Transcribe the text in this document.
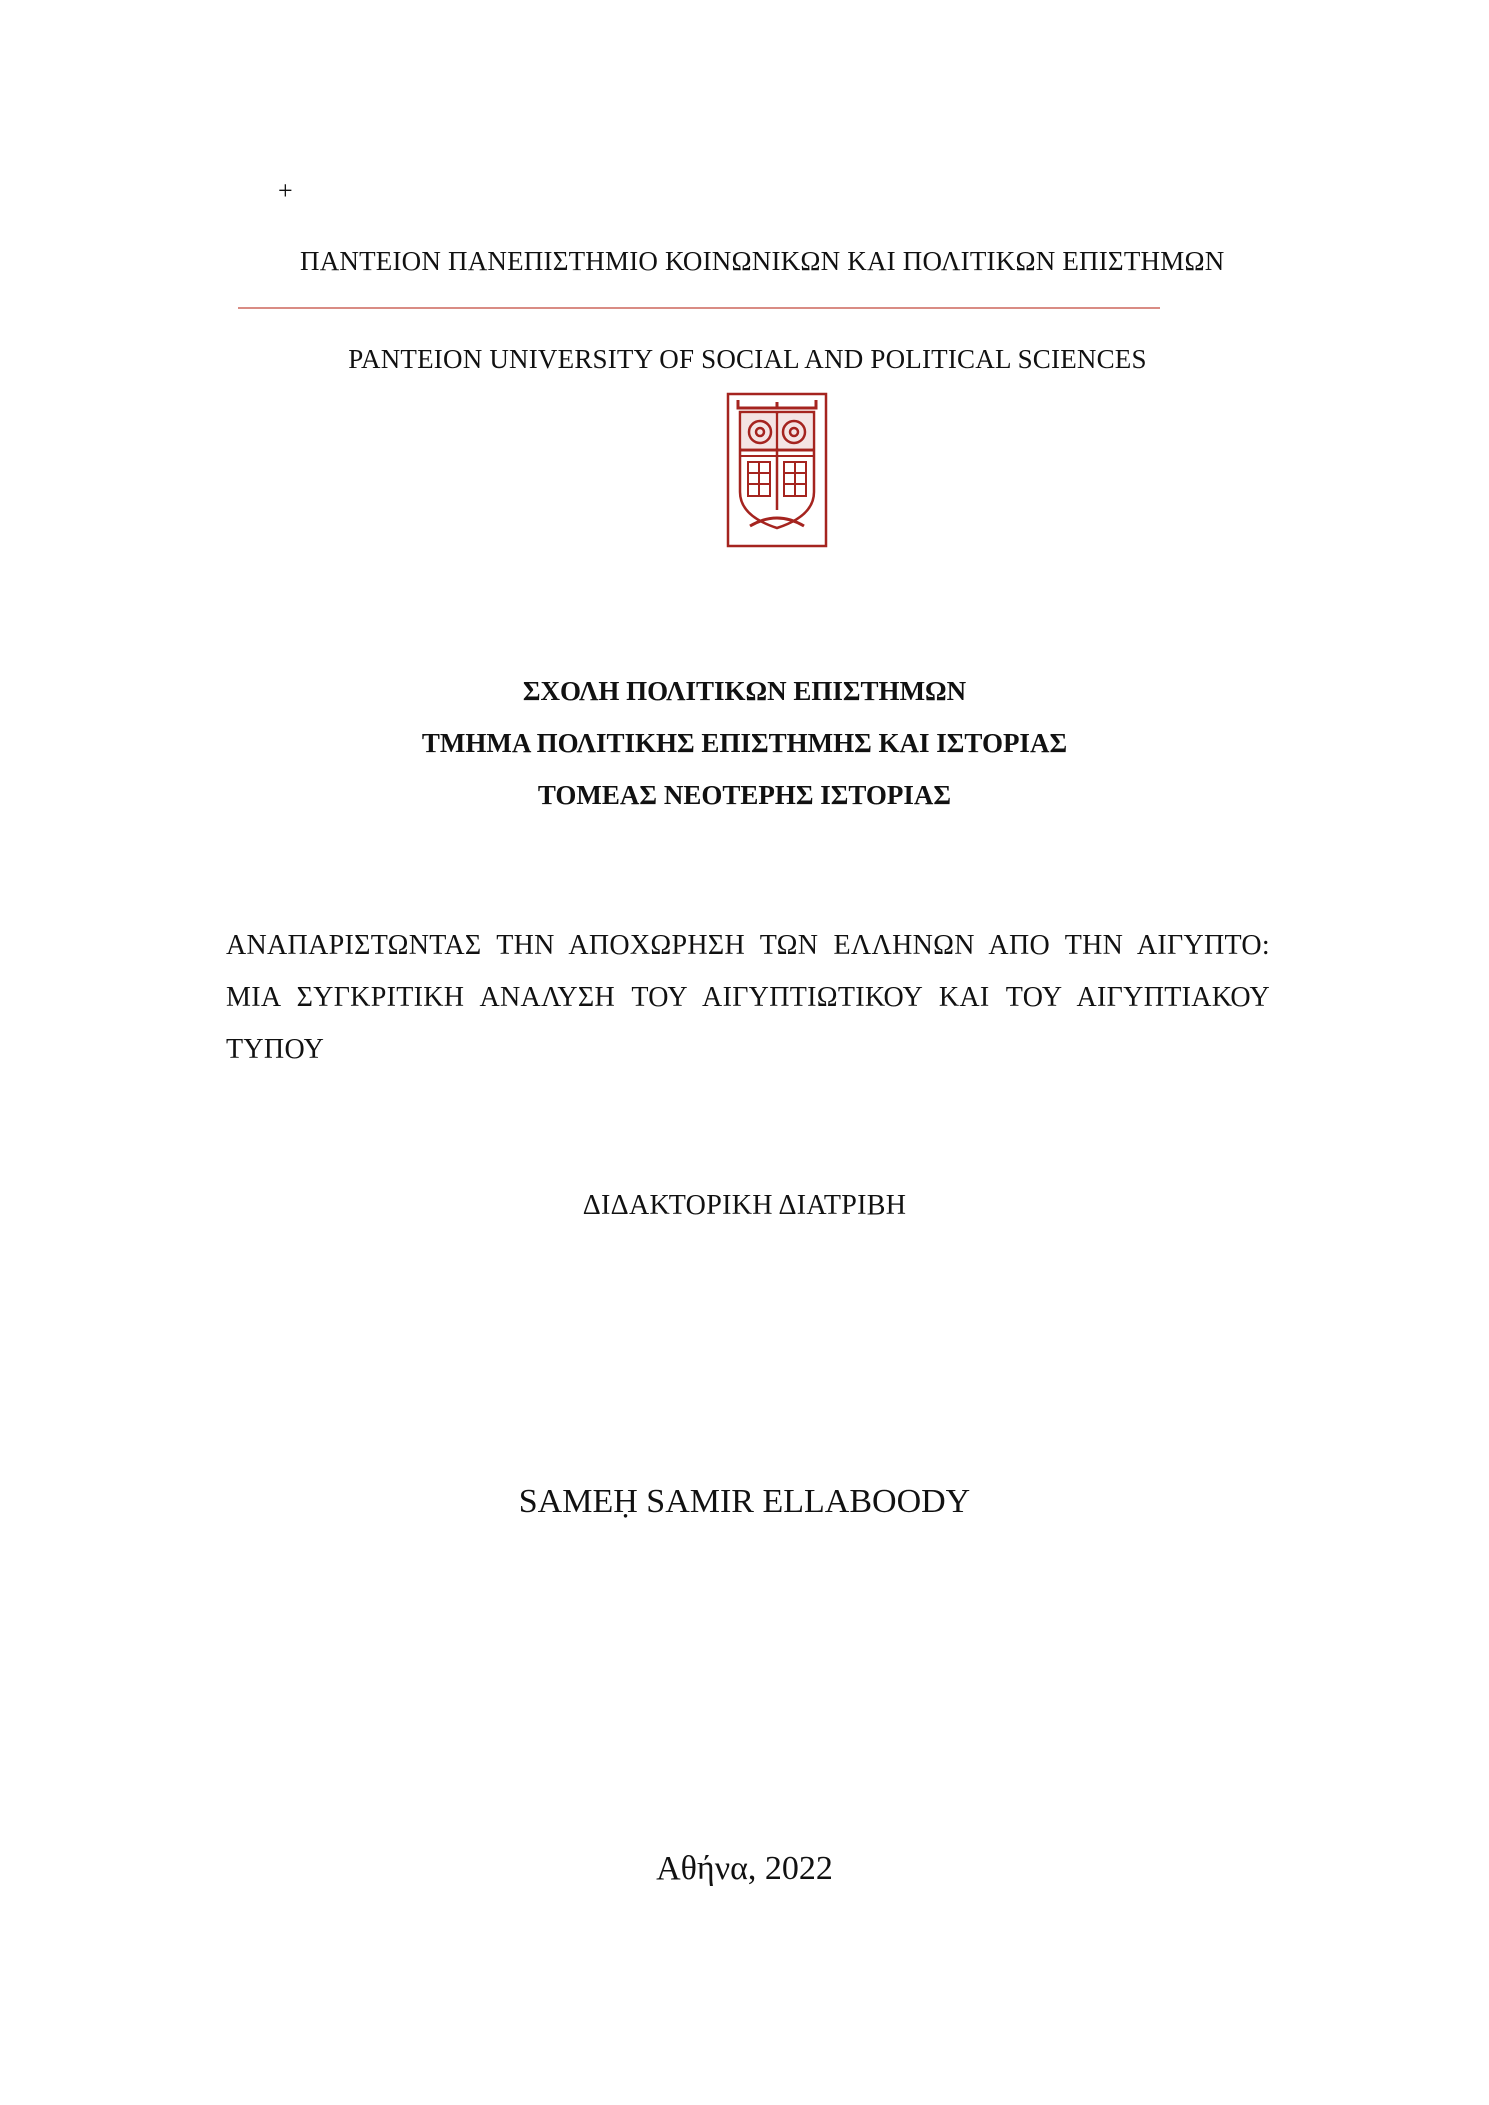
+
ΠΑΝΤΕΙΟΝ ΠΑΝΕΠΙΣΤΗΜΙΟ ΚΟΙΝΩΝΙΚΩΝ ΚΑΙ ΠΟΛΙΤΙΚΩΝ ΕΠΙΣΤΗΜΩΝ
PANTEION UNIVERSITY OF SOCIAL AND POLITICAL SCIENCES
ΣΧΟΛΗ ΠΟΛΙΤΙΚΩΝ ΕΠΙΣΤΗΜΩΝ
ΤΜΗΜΑ ΠΟΛΙΤΙΚΗΣ ΕΠΙΣΤΗΜΗΣ ΚΑΙ ΙΣΤΟΡΙΑΣ
ΤΟΜΕΑΣ ΝΕΟΤΕΡΗΣ ΙΣΤΟΡΙΑΣ
ΑΝΑΠΑΡΙΣΤΩΝΤΑΣ ΤΗΝ ΑΠΟΧΩΡΗΣΗ ΤΩΝ ΕΛΛΗΝΩΝ ΑΠΟ ΤΗΝ ΑΙΓΥΠΤΟ: ΜΙΑ ΣΥΓΚΡΙΤΙΚΗ ΑΝΑΛΥΣΗ ΤΟΥ ΑΙΓΥΠΤΙΩΤΙΚΟΥ ΚΑΙ ΤΟΥ ΑΙΓΥΠΤΙΑΚΟΥ ΤΥΠΟΥ
ΔΙΔΑΚΤΟΡΙΚΗ ΔΙΑΤΡΙΒΗ
SAMEḤ SAMIR ELLABOODY
Αθήνα, 2022
